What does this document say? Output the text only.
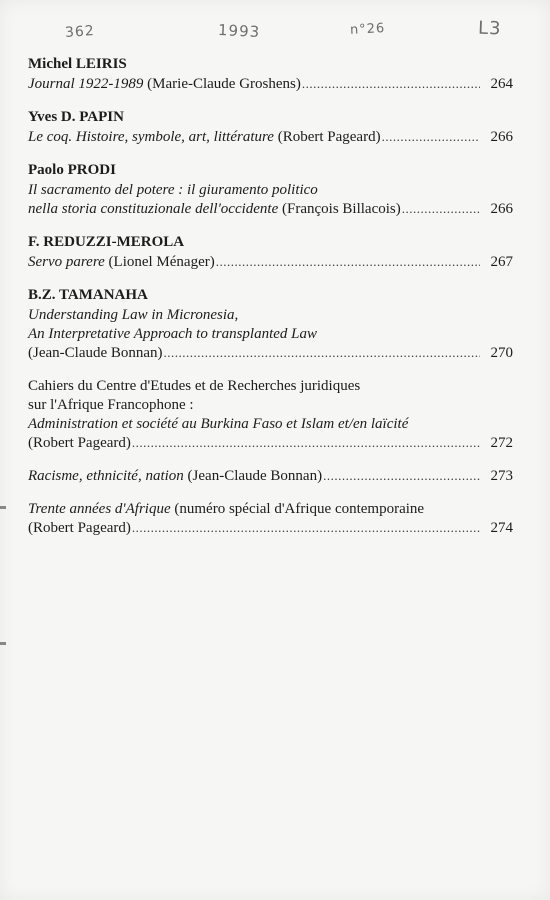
362	1993	n°26	L3
Michel LEIRIS
Journal 1922-1989 (Marie-Claude Groshens) .....	264
Yves D. PAPIN
Le coq. Histoire, symbole, art, littérature (Robert Pageard) .....	266
Paolo PRODI
Il sacramento del potere : il giuramento politico
nella storia constituzionale dell'occidente (François Billacois) .....	266
F. REDUZZI-MEROLA
Servo parere (Lionel Ménager) .....	267
B.Z. TAMANAHA
Understanding Law in Micronesia,
An Interpretative Approach to transplanted Law
(Jean-Claude Bonnan) .....	270
Cahiers du Centre d'Etudes et de Recherches juridiques
sur l'Afrique Francophone :
Administration et société au Burkina Faso et Islam et/en laïcité
(Robert Pageard) .....	272
Racisme, ethnicité, nation (Jean-Claude Bonnan) .....	273
Trente années d'Afrique (numéro spécial d'Afrique contemporaine
(Robert Pageard) .....	274
